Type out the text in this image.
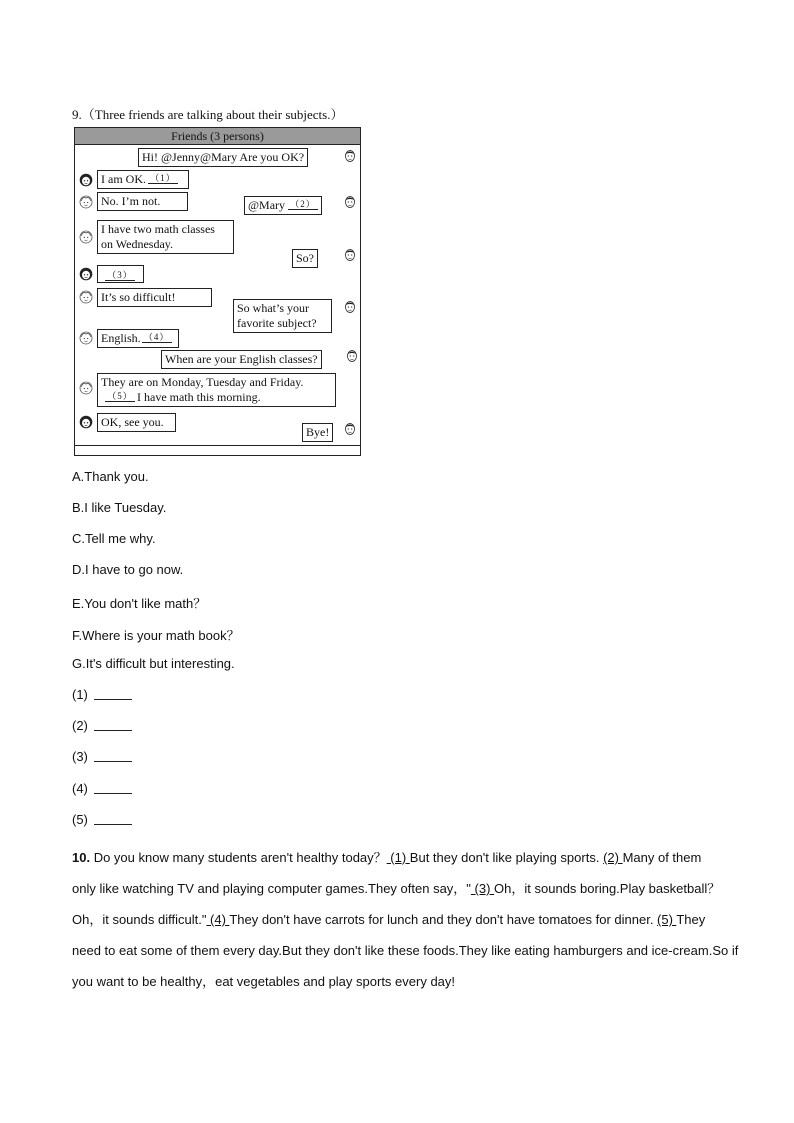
9.（Three friends are talking about their subjects.）
Friends (3 persons)
Hi! @Jenny@Mary Are you OK?
I am OK. （1）
No. I’m not.	@Mary （2）
I have two math classes
on Wednesday.
So?
（3）
It’s so difficult!
So what’s your
favorite subject?
English. （4）
When are your English classes?
They are on Monday, Tuesday and Friday.
（5） I have math this morning.
OK, see you.
Bye!
A.Thank you.
B.I like Tuesday.
C.Tell me why.
D.I have to go now.
E.You don't like math？
F.Where is your math book？
G.It's difficult but interesting.
(1)
(2)
(3)
(4)
(5)
10. Do you know many students aren't healthy today？ (1) But they don't like playing sports. (2) Many of them
only like watching TV and playing computer games.They often say，" (3) Oh，it sounds boring.Play basketball？
Oh，it sounds difficult." (4) They don't have carrots for lunch and they don't have tomatoes for dinner. (5) They
need to eat some of them every day.But they don't like these foods.They like eating hamburgers and ice-cream.So if
you want to be healthy，eat vegetables and play sports every day!
